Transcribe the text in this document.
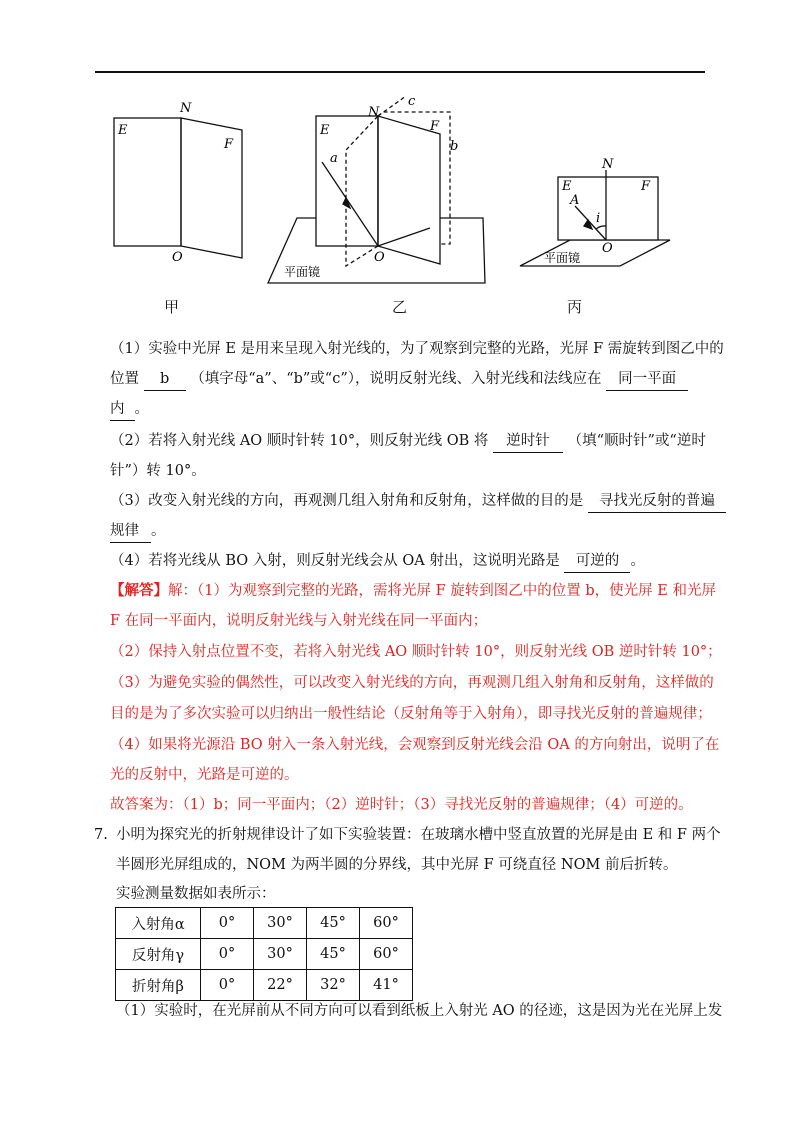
E
N
F
O
E
N
F
O
a
b
c
平面镜
E
N
F
O
A
i
平面镜
甲	乙	丙
（1）实验中光屏 E 是用来呈现入射光线的，为了观察到完整的光路，光屏 F 需旋转到图乙中的
位置 b （填字母“a”、“b”或“c”），说明反射光线、入射光线和法线应在 同一平面
内 。
（2）若将入射光线 AO 顺时针转 10°，则反射光线 OB 将 逆时针 （填“顺时针”或“逆时
针”）转 10°。
（3）改变入射光线的方向，再观测几组入射角和反射角，这样做的目的是 寻找光反射的普遍
规律 。
（4）若将光线从 BO 入射，则反射光线会从 OA 射出，这说明光路是 可逆的 。
【解答】解：（1）为观察到完整的光路，需将光屏 F 旋转到图乙中的位置 b，使光屏 E 和光屏
F 在同一平面内，说明反射光线与入射光线在同一平面内；
（2）保持入射点位置不变，若将入射光线 AO 顺时针转 10°，则反射光线 OB 逆时针转 10°；
（3）为避免实验的偶然性，可以改变入射光线的方向，再观测几组入射角和反射角，这样做的
目的是为了多次实验可以归纳出一般性结论（反射角等于入射角），即寻找光反射的普遍规律；
（4）如果将光源沿 BO 射入一条入射光线，会观察到反射光线会沿 OA 的方向射出，说明了在
光的反射中，光路是可逆的。
故答案为：（1）b；同一平面内；（2）逆时针；（3）寻找光反射的普遍规律；（4）可逆的。
7. 小明为探究光的折射规律设计了如下实验装置：在玻璃水槽中竖直放置的光屏是由 E 和 F 两个
半圆形光屏组成的，NOM 为两半圆的分界线，其中光屏 F 可绕直径 NOM 前后折转。
实验测量数据如表所示：
入射角α	0°	30°	45°	60°
反射角γ	0°	30°	45°	60°
折射角β	0°	22°	32°	41°
（1）实验时，在光屏前从不同方向可以看到纸板上入射光 AO 的径迹，这是因为光在光屏上发
